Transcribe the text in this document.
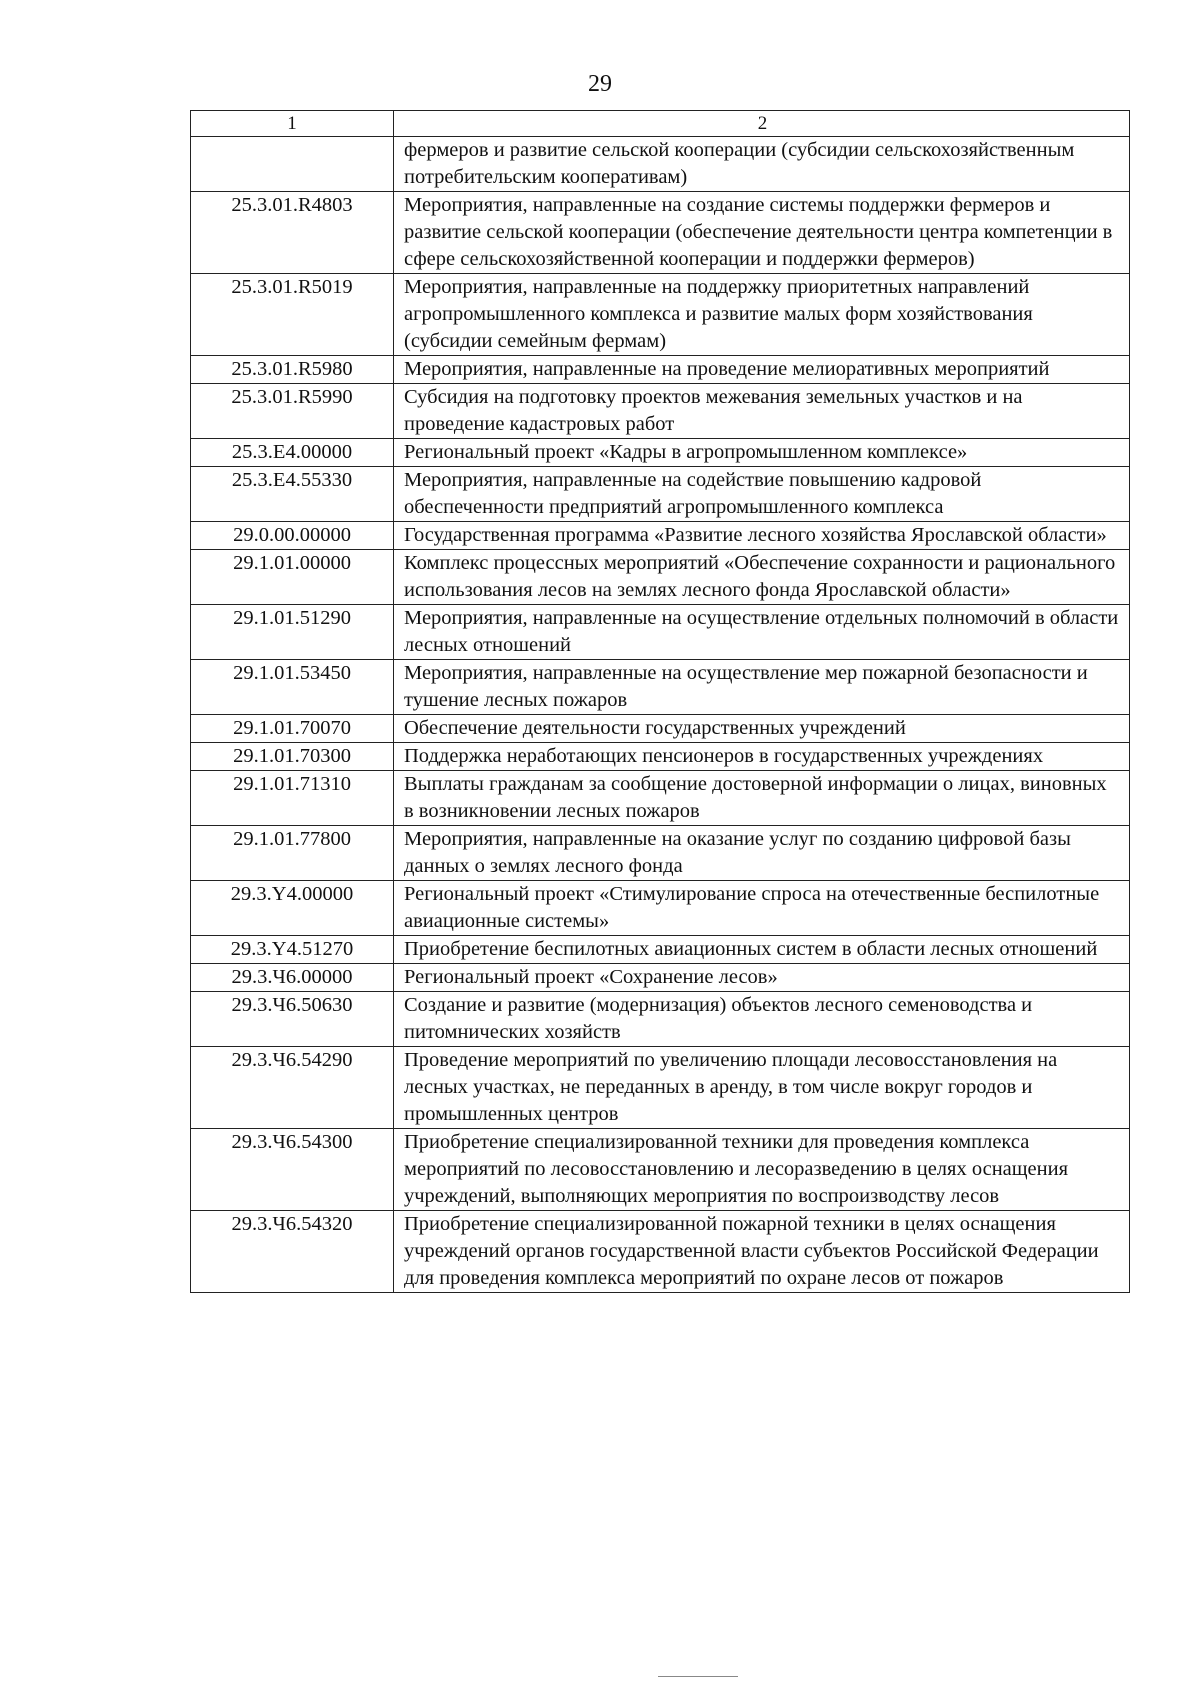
29
1	2
	фермеров и развитие сельской кооперации (субсидии сельскохозяйственным потребительским кооперативам)
25.3.01.R4803	Мероприятия, направленные на создание системы поддержки фермеров и развитие сельской кооперации (обеспечение деятельности центра компетенции в сфере сельскохозяйственной кооперации и поддержки фермеров)
25.3.01.R5019	Мероприятия, направленные на поддержку приоритетных направлений агропромышленного комплекса и развитие малых форм хозяйствования (субсидии семейным фермам)
25.3.01.R5980	Мероприятия, направленные на проведение мелиоративных мероприятий
25.3.01.R5990	Субсидия на подготовку проектов межевания земельных участков и на проведение кадастровых работ
25.3.E4.00000	Региональный проект «Кадры в агропромышленном комплексе»
25.3.E4.55330	Мероприятия, направленные на содействие повышению кадровой обеспеченности предприятий агропромышленного комплекса
29.0.00.00000	Государственная программа «Развитие лесного хозяйства Ярославской области»
29.1.01.00000	Комплекс процессных мероприятий «Обеспечение сохранности и рационального использования лесов на землях лесного фонда Ярославской области»
29.1.01.51290	Мероприятия, направленные на осуществление отдельных полномочий в области лесных отношений
29.1.01.53450	Мероприятия, направленные на осуществление мер пожарной безопасности и тушение лесных пожаров
29.1.01.70070	Обеспечение деятельности государственных учреждений
29.1.01.70300	Поддержка неработающих пенсионеров в государственных учреждениях
29.1.01.71310	Выплаты гражданам за сообщение достоверной информации о лицах, виновных в возникновении лесных пожаров
29.1.01.77800	Мероприятия, направленные на оказание услуг по созданию цифровой базы данных о землях лесного фонда
29.3.Y4.00000	Региональный проект «Стимулирование спроса на отечественные беспилотные авиационные системы»
29.3.Y4.51270	Приобретение беспилотных авиационных систем в области лесных отношений
29.3.Ч6.00000	Региональный проект «Сохранение лесов»
29.3.Ч6.50630	Создание и развитие (модернизация) объектов лесного семеноводства и питомнических хозяйств
29.3.Ч6.54290	Проведение мероприятий по увеличению площади лесовосстановления на лесных участках, не переданных в аренду, в том числе вокруг городов и промышленных центров
29.3.Ч6.54300	Приобретение специализированной техники для проведения комплекса мероприятий по лесовосстановлению и лесоразведению в целях оснащения учреждений, выполняющих мероприятия по воспроизводству лесов
29.3.Ч6.54320	Приобретение специализированной пожарной техники в целях оснащения учреждений органов государственной власти субъектов Российской Федерации для проведения комплекса мероприятий по охране лесов от пожаров
